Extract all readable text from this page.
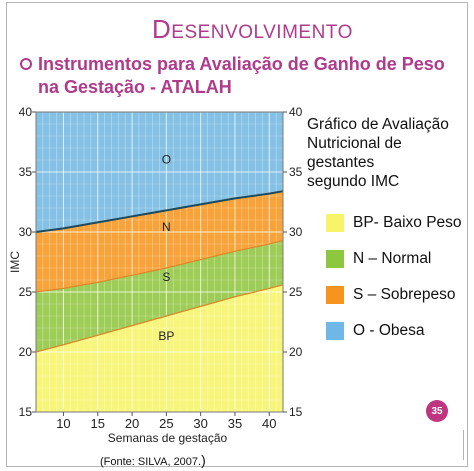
DESENVOLVIMENTO
Instrumentos para Avaliação de Ganho de Peso na Gestação - ATALAH
BP
S
N
O
15	15
20	20
25	25
30	30
35	35
40	40
10 15 20 25 30 35 40
Semanas de gestação
IMC
Gráfico de Avaliação
Nutricional de gestantes
segundo IMC
BP- Baixo Peso
N – Normal
S – Sobrepeso
O - Obesa
35
(Fonte: SILVA, 2007.)
